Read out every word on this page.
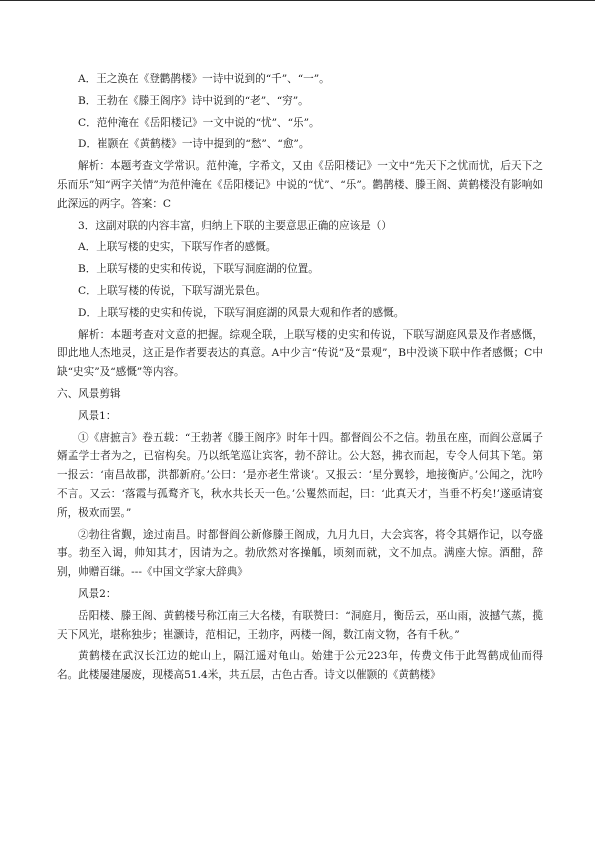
A．王之涣在《登鹳鹊楼》一诗中说到的“千”、“一”。

B．王勃在《滕王阁序》诗中说到的“老”、“穷”。

C．范仲淹在《岳阳楼记》一文中说的“忧”、“乐”。

D．崔颢在《黄鹤楼》一诗中提到的“愁”、“愈”。

解析：本题考查文学常识。范仲淹，字希文，又由《岳阳楼记》一文中“先天下之忧而忧，后天下之乐而乐”知“两字关情”为范仲淹在《岳阳楼记》中说的“忧”、“乐”。鹳鹊楼、滕王阁、黄鹤楼没有影响如此深远的两字。答案：C

3．这副对联的内容丰富，归纳上下联的主要意思正确的应该是（）

A．上联写楼的史实，下联写作者的感慨。

B．上联写楼的史实和传说，下联写洞庭湖的位置。

C．上联写楼的传说，下联写湖光景色。

D．上联写楼的史实和传说，下联写洞庭湖的风景大观和作者的感慨。

解析：本题考查对文意的把握。综观全联，上联写楼的史实和传说，下联写湖庭风景及作者感慨，即此地人杰地灵，这正是作者要表达的真意。A中少言“传说”及“景观”，B中没谈下联中作者感慨；C中缺“史实”及“感慨”等内容。

六、风景剪辑

风景1：

①《唐摭言》卷五载：“王勃著《滕王阁序》时年十四。都督阎公不之信。勃虽在座，而阎公意属子婿孟学士者为之，已宿构矣。乃以纸笔巡让宾客，勃不辞让。公大怒，拂衣而起，专令人伺其下笔。第一报云：‘南昌故郡，洪都新府。’公曰：‘是亦老生常谈’。又报云：‘星分翼轸，地接衡庐。’公闻之，沈吟不言。又云：‘落霞与孤鹜齐飞，秋水共长天一色。’公矍然而起，曰：‘此真天才，当垂不朽矣!’遂亟请宴所，极欢而罢。”

②勃往省觐，途过南昌。时都督阎公新修滕王阁成，九月九日，大会宾客，将令其婿作记，以夸盛事。勃至入谒，帅知其才，因请为之。勃欣然对客操觚，顷刻而就，文不加点。满座大惊。酒酣，辞别，帅赠百缣。---《中国文学家大辞典》

风景2：

岳阳楼、滕王阁、黄鹤楼号称江南三大名楼，有联赞曰：“洞庭月，衡岳云，巫山雨，波撼气蒸，揽天下风光，堪称独步；崔灏诗，范相记，王勃序，两楼一阁，数江南文物，各有千秋。”

黄鹤楼在武汉长江边的蛇山上，隔江遥对龟山。始建于公元223年，传费文伟于此驾鹤成仙而得名。此楼屡建屡废，现楼高51.4米，共五层，古色古香。诗文以催颢的《黄鹤楼》
